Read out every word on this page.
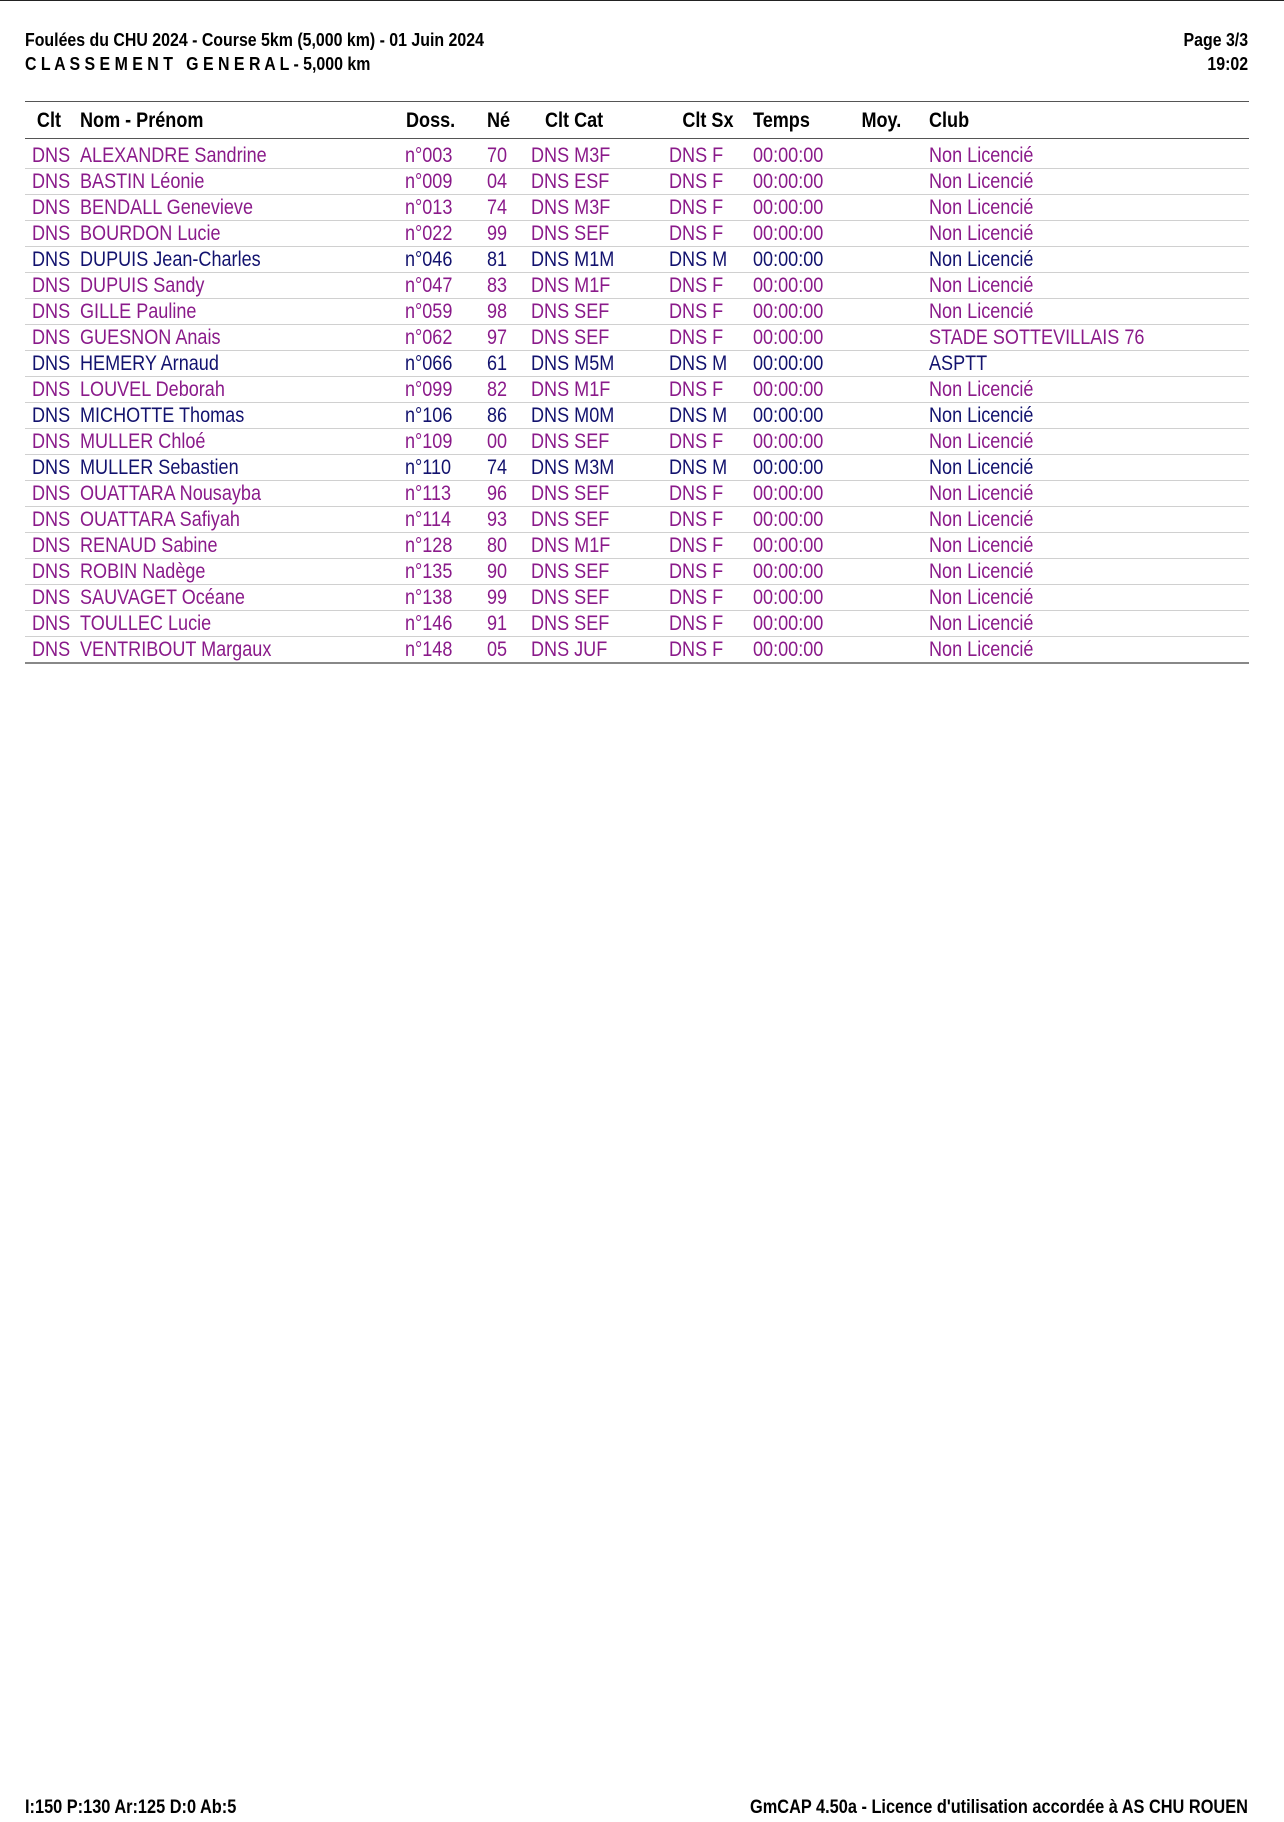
Foulées du CHU 2024 - Course 5km (5,000 km) - 01 Juin 2024
C L A S S E M E N T   G E N E R A L - 5,000 km
Page 3/3
19:02
Clt Nom - Prénom	Doss. Né Clt Cat	Clt Sx Temps Moy. Club
DNS ALEXANDRE Sandrine	n°003 70 DNS M3F	DNS F 00:00:00	Non Licencié
DNS BASTIN Léonie	n°009 04 DNS ESF	DNS F 00:00:00	Non Licencié
DNS BENDALL Genevieve	n°013 74 DNS M3F	DNS F 00:00:00	Non Licencié
DNS BOURDON Lucie	n°022 99 DNS SEF	DNS F 00:00:00	Non Licencié
DNS DUPUIS Jean-Charles	n°046 81 DNS M1M	DNS M 00:00:00	Non Licencié
DNS DUPUIS Sandy	n°047 83 DNS M1F	DNS F 00:00:00	Non Licencié
DNS GILLE Pauline	n°059 98 DNS SEF	DNS F 00:00:00	Non Licencié
DNS GUESNON Anais	n°062 97 DNS SEF	DNS F 00:00:00	STADE SOTTEVILLAIS 76
DNS HEMERY Arnaud	n°066 61 DNS M5M	DNS M 00:00:00	ASPTT
DNS LOUVEL Deborah	n°099 82 DNS M1F	DNS F 00:00:00	Non Licencié
DNS MICHOTTE Thomas	n°106 86 DNS M0M	DNS M 00:00:00	Non Licencié
DNS MULLER Chloé	n°109 00 DNS SEF	DNS F 00:00:00	Non Licencié
DNS MULLER Sebastien	n°110 74 DNS M3M	DNS M 00:00:00	Non Licencié
DNS OUATTARA Nousayba	n°113 96 DNS SEF	DNS F 00:00:00	Non Licencié
DNS OUATTARA Safiyah	n°114 93 DNS SEF	DNS F 00:00:00	Non Licencié
DNS RENAUD Sabine	n°128 80 DNS M1F	DNS F 00:00:00	Non Licencié
DNS ROBIN Nadège	n°135 90 DNS SEF	DNS F 00:00:00	Non Licencié
DNS SAUVAGET Océane	n°138 99 DNS SEF	DNS F 00:00:00	Non Licencié
DNS TOULLEC Lucie	n°146 91 DNS SEF	DNS F 00:00:00	Non Licencié
DNS VENTRIBOUT Margaux	n°148 05 DNS JUF	DNS F 00:00:00	Non Licencié
I:150 P:130 Ar:125 D:0 Ab:5	GmCAP 4.50a - Licence d'utilisation accordée à AS CHU ROUEN
